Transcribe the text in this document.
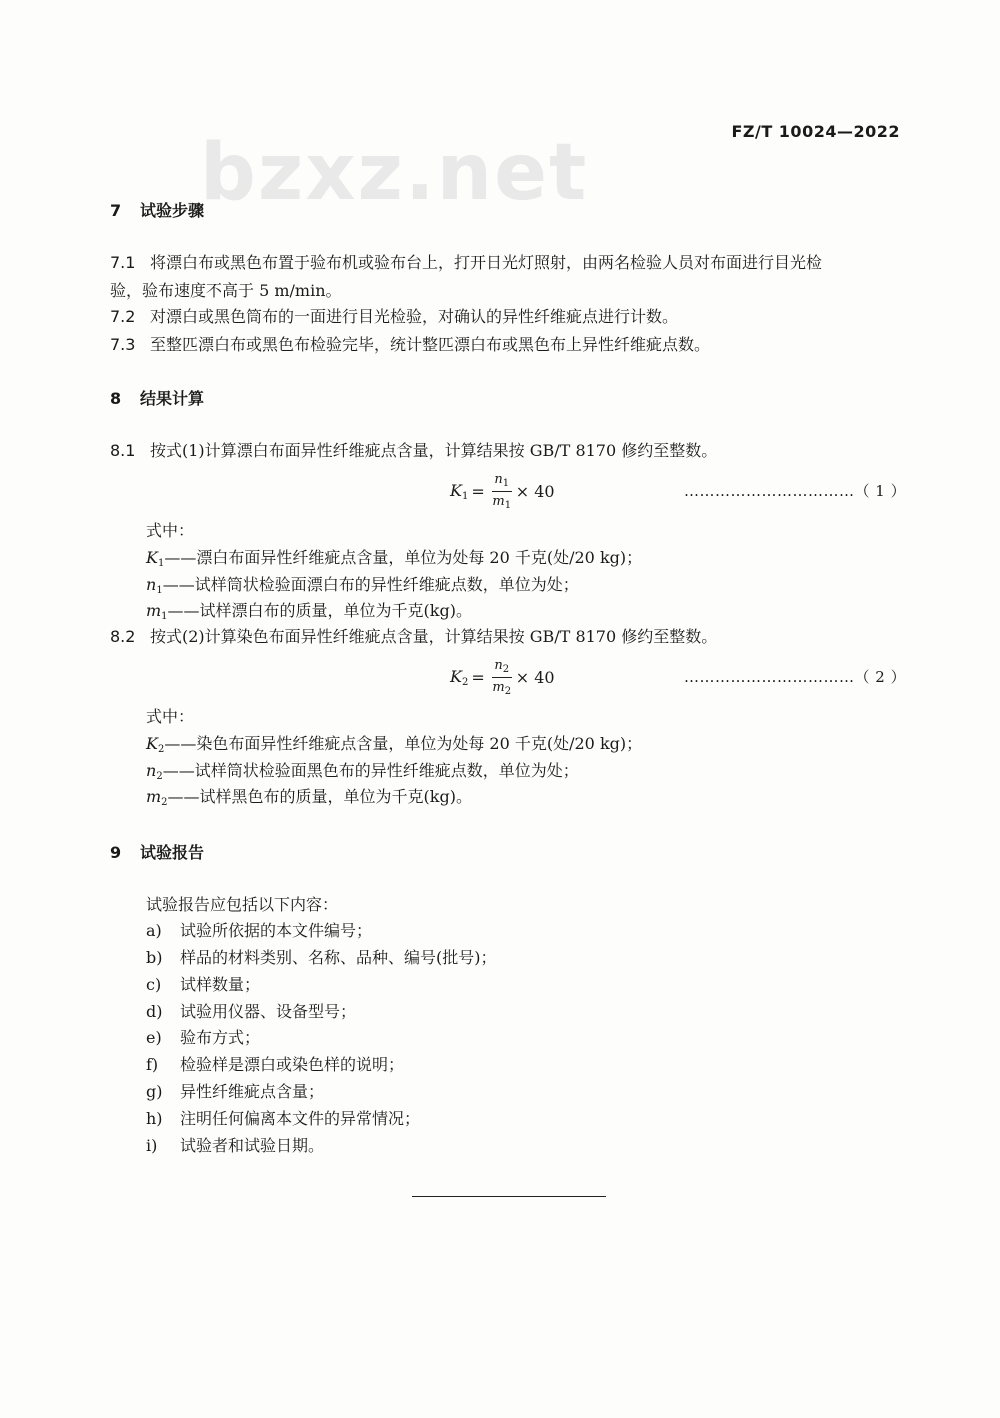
bzxz.net	FZ/T 10024—2022
7 试验步骤
7.1 将漂白布或黑色布置于验布机或验布台上，打开日光灯照射，由两名检验人员对布面进行目光检
验，验布速度不高于 5 m/min。
7.2 对漂白或黑色筒布的一面进行目光检验，对确认的异性纤维疵点进行计数。
7.3 至整匹漂白布或黑色布检验完毕，统计整匹漂白布或黑色布上异性纤维疵点数。
8 结果计算
8.1 按式(1)计算漂白布面异性纤维疵点含量，计算结果按 GB/T 8170 修约至整数。
$K_1 = \frac{n_1}{m_1} \times 40$	……………………………（ 1 ）
式中：
$K_1——$漂白布面异性纤维疵点含量，单位为处每 20 千克(处/20 kg)；
$n_1——$试样筒状检验面漂白布的异性纤维疵点数，单位为处；
$m_1——$试样漂白布的质量，单位为千克(kg)。
8.2 按式(2)计算染色布面异性纤维疵点含量，计算结果按 GB/T 8170 修约至整数。
$K_2 = \frac{n_2}{m_2} \times 40$	……………………………（ 2 ）
式中：
$K_2——$染色布面异性纤维疵点含量，单位为处每 20 千克(处/20 kg)；
$n_2——$试样筒状检验面黑色布的异性纤维疵点数，单位为处；
$m_2——$试样黑色布的质量，单位为千克(kg)。
9 试验报告
试验报告应包括以下内容：
a) 试验所依据的本文件编号；
b) 样品的材料类别、名称、品种、编号(批号)；
c) 试样数量；
d) 试验用仪器、设备型号；
e) 验布方式；
f) 检验样是漂白或染色样的说明；
g) 异性纤维疵点含量；
h) 注明任何偏离本文件的异常情况；
i) 试验者和试验日期。
